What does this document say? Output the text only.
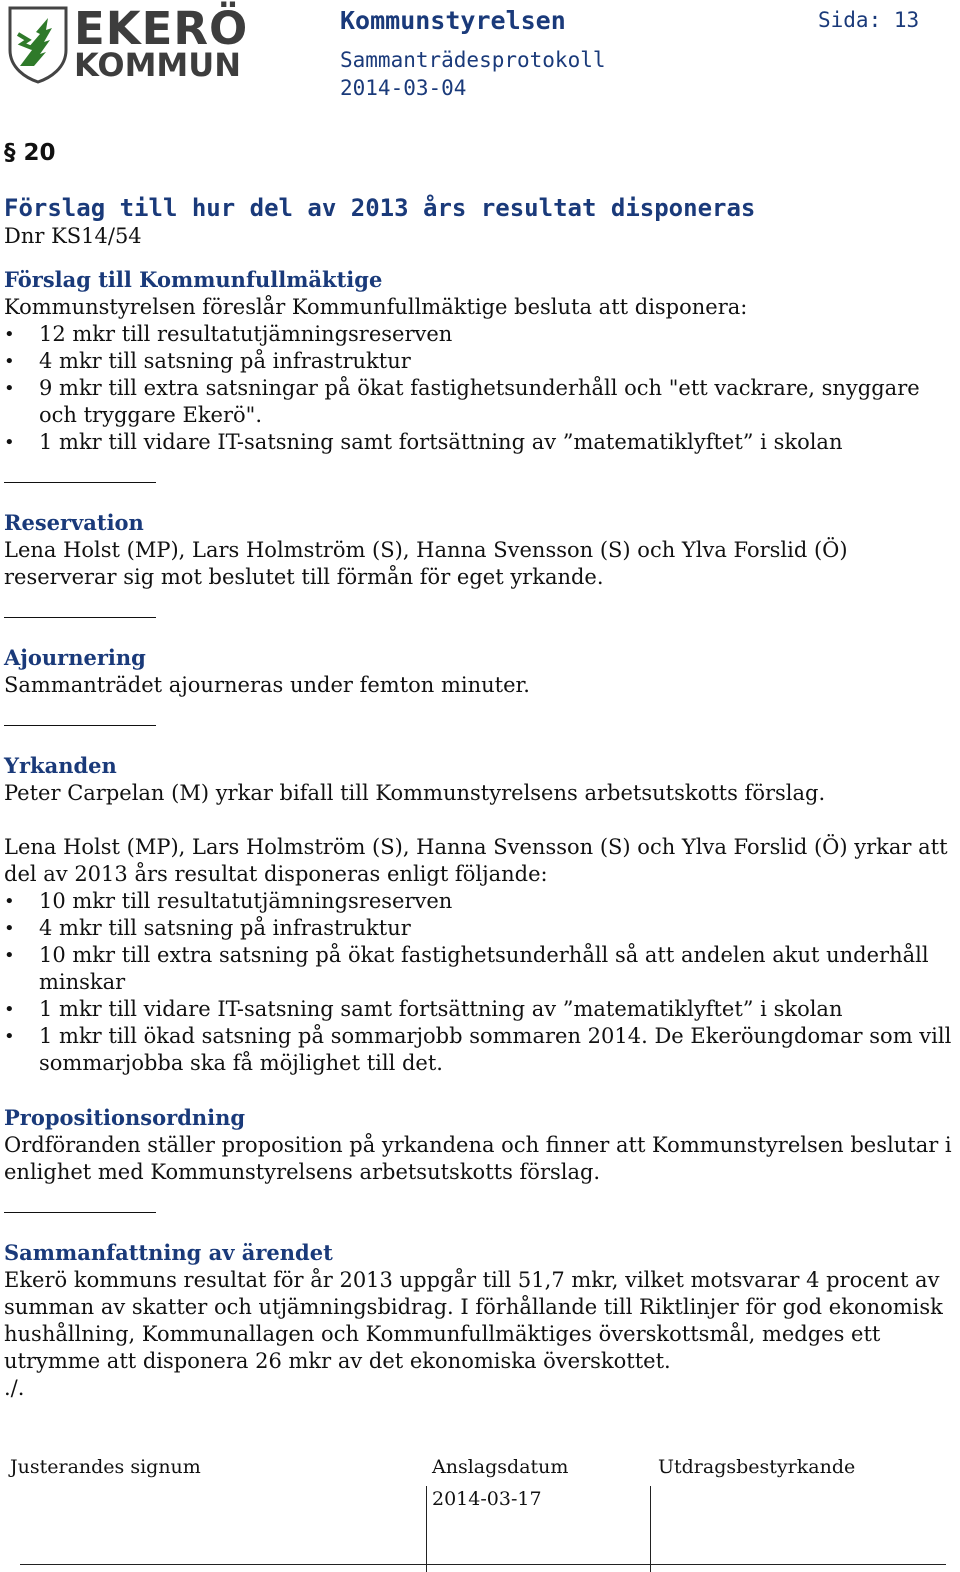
EKERÖ
KOMMUN
Kommunstyrelsen
Sammanträdesprotokoll
2014-03-04
Sida: 13
§ 20
Förslag till hur del av 2013 års resultat disponeras

Dnr KS14/54

Förslag till Kommunfullmäktige

Kommunstyrelsen föreslår Kommunfullmäktige besluta att disponera:

• 12 mkr till resultatutjämningsreserven
• 4 mkr till satsning på infrastruktur
• 9 mkr till extra satsningar på ökat fastighetsunderhåll och "ett vackrare, snyggare och tryggare Ekerö".
• 1 mkr till vidare IT-satsning samt fortsättning av ”matematiklyftet” i skolan
Reservation

Lena Holst (MP), Lars Holmström (S), Hanna Svensson (S) och Ylva Forslid (Ö) reserverar sig mot beslutet till förmån för eget yrkande.

Ajournering

Sammanträdet ajourneras under femton minuter.

Yrkanden

Peter Carpelan (M) yrkar bifall till Kommunstyrelsens arbetsutskotts förslag.

Lena Holst (MP), Lars Holmström (S), Hanna Svensson (S) och Ylva Forslid (Ö) yrkar att del av 2013 års resultat disponeras enligt följande:

• 10 mkr till resultatutjämningsreserven
• 4 mkr till satsning på infrastruktur
• 10 mkr till extra satsning på ökat fastighetsunderhåll så att andelen akut underhåll minskar
• 1 mkr till vidare IT-satsning samt fortsättning av ”matematiklyftet” i skolan
• 1 mkr till ökad satsning på sommarjobb sommaren 2014. De Ekeröungdomar som vill sommarjobba ska få möjlighet till det.
Propositionsordning

Ordföranden ställer proposition på yrkandena och finner att Kommunstyrelsen beslutar i enlighet med Kommunstyrelsens arbetsutskotts förslag.

Sammanfattning av ärendet

Ekerö kommuns resultat för år 2013 uppgår till 51,7 mkr, vilket motsvarar 4 procent av summan av skatter och utjämningsbidrag. I förhållande till Riktlinjer för god ekonomisk hushållning, Kommunallagen och Kommunfullmäktiges överskottsmål, medges ett utrymme att disponera 26 mkr av det ekonomiska överskottet.

./.

Justerandes signum	Anslagsdatum	Utdragsbestyrkande
2014-03-17
